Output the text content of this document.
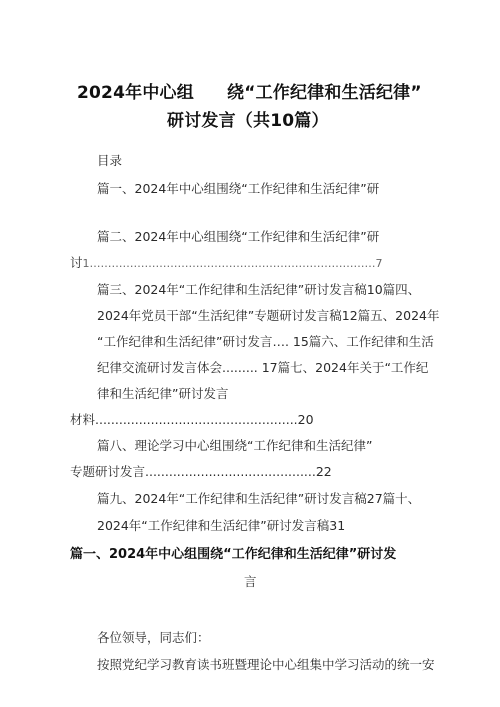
2024年中心组 绕“工作纪律和生活纪律”
研讨发言（共10篇）
目录
篇一、2024年中心组围绕“工作纪律和生活纪律”研
篇二、2024年中心组围绕“工作纪律和生活纪律”研
讨1……………………………………………………………………7
篇三、2024年“工作纪律和生活纪律”研讨发言稿10篇四、
2024年党员干部“生活纪律”专题研讨发言稿12篇五、2024年
“工作纪律和生活纪律”研讨发言…. 15篇六、工作纪律和生活
纪律交流研讨发言体会......... 17篇七、2024年关于“工作纪
律和生活纪律”研讨发言
材料...................................................20
篇八、理论学习中心组围绕“工作纪律和生活纪律”
专题研讨发言...........................................22
篇九、2024年“工作纪律和生活纪律”研讨发言稿27篇十、
2024年“工作纪律和生活纪律”研讨发言稿31
篇一、2024年中心组围绕“工作纪律和生活纪律”研讨发
言
各位领导，同志们：
按照党纪学习教育读书班暨理论中心组集中学习活动的统一安
